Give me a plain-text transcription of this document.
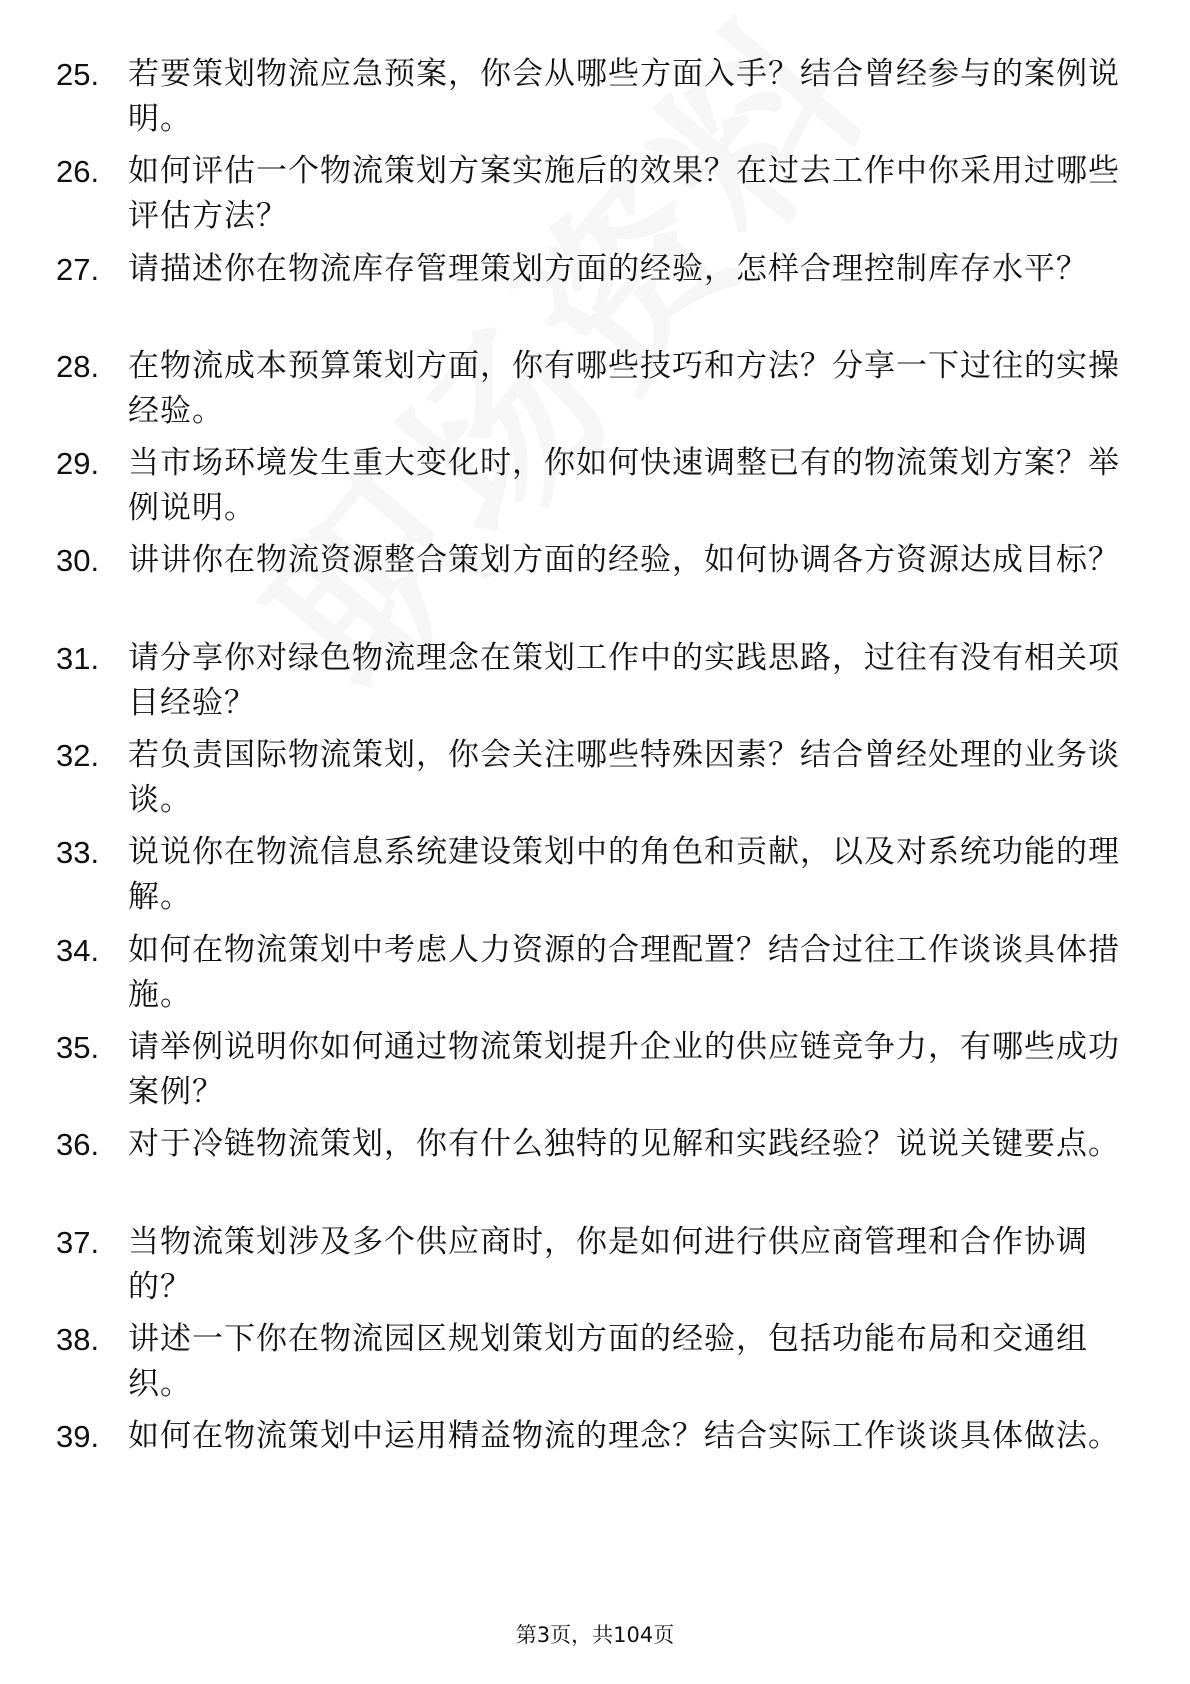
25. 若要策划物流应急预案，你会从哪些方面入手？结合曾经参与的案例说明。
26. 如何评估一个物流策划方案实施后的效果？在过去工作中你采用过哪些评估方法？
27. 请描述你在物流库存管理策划方面的经验，怎样合理控制库存水平？
28. 在物流成本预算策划方面，你有哪些技巧和方法？分享一下过往的实操经验。
29. 当市场环境发生重大变化时，你如何快速调整已有的物流策划方案？举例说明。
30. 讲讲你在物流资源整合策划方面的经验，如何协调各方资源达成目标？
31. 请分享你对绿色物流理念在策划工作中的实践思路，过往有没有相关项目经验？
32. 若负责国际物流策划，你会关注哪些特殊因素？结合曾经处理的业务谈谈。
33. 说说你在物流信息系统建设策划中的角色和贡献，以及对系统功能的理解。
34. 如何在物流策划中考虑人力资源的合理配置？结合过往工作谈谈具体措施。
35. 请举例说明你如何通过物流策划提升企业的供应链竞争力，有哪些成功案例？
36. 对于冷链物流策划，你有什么独特的见解和实践经验？说说关键要点。
37. 当物流策划涉及多个供应商时，你是如何进行供应商管理和合作协调的？
38. 讲述一下你在物流园区规划策划方面的经验，包括功能布局和交通组织。
39. 如何在物流策划中运用精益物流的理念？结合实际工作谈谈具体做法。
第3页，共104页
